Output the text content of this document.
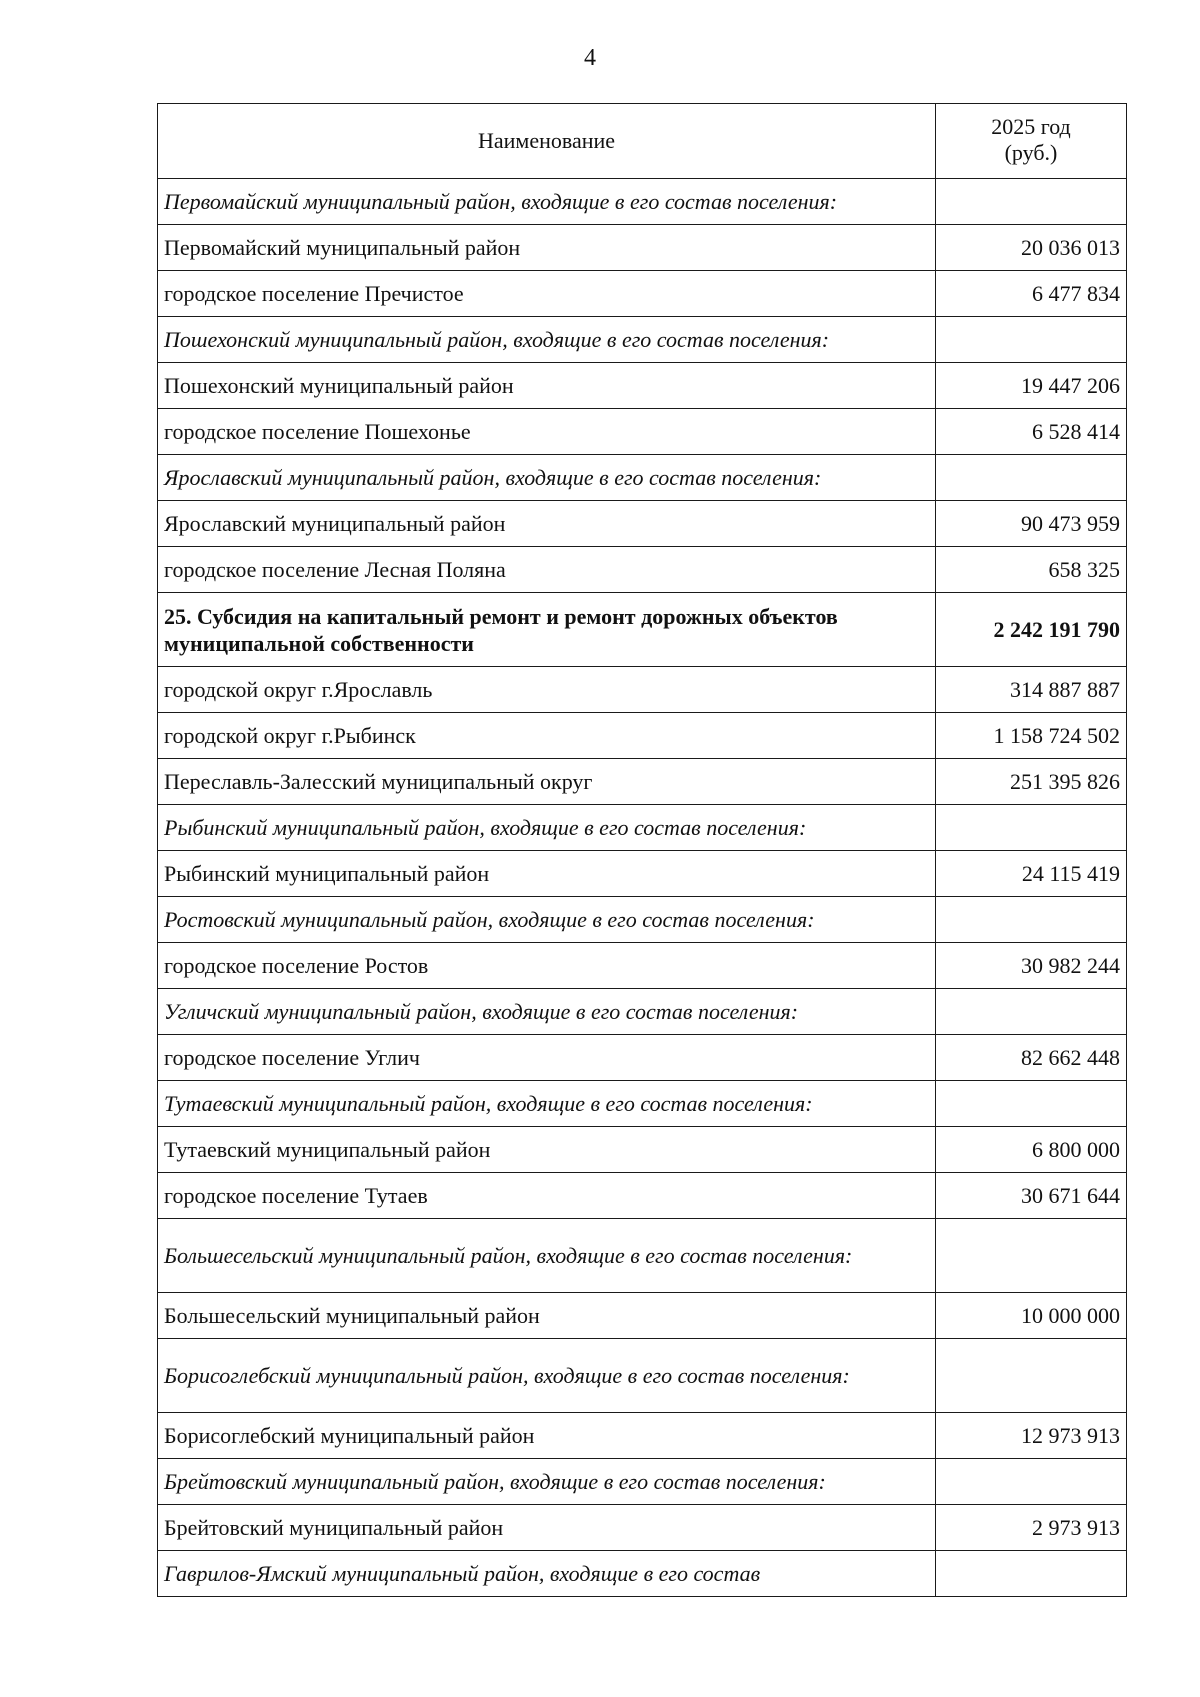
4
Наименование	2025 год
(руб.)

Первомайский муниципальный район, входящие в его состав поселения:	
Первомайский муниципальный район	20 036 013
городское поселение Пречистое	6 477 834
Пошехонский муниципальный район, входящие в его состав поселения:	
Пошехонский муниципальный район	19 447 206
городское поселение Пошехонье	6 528 414
Ярославский муниципальный район, входящие в его состав поселения:	
Ярославский муниципальный район	90 473 959
городское поселение Лесная Поляна	658 325
25. Субсидия на капитальный ремонт и ремонт дорожных объектов муниципальной собственности	2 242 191 790
городской округ г.Ярославль	314 887 887
городской округ г.Рыбинск	1 158 724 502
Переславль-Залесский муниципальный округ	251 395 826
Рыбинский муниципальный район, входящие в его состав поселения:	
Рыбинский муниципальный район	24 115 419
Ростовский муниципальный район, входящие в его состав поселения:	
городское поселение Ростов	30 982 244
Угличский муниципальный район, входящие в его состав поселения:	
городское поселение Углич	82 662 448
Тутаевский муниципальный район, входящие в его состав поселения:	
Тутаевский муниципальный район	6 800 000
городское поселение Тутаев	30 671 644
Большесельский муниципальный район, входящие в его состав поселения:	
Большесельский муниципальный район	10 000 000
Борисоглебский муниципальный район, входящие в его состав поселения:	
Борисоглебский муниципальный район	12 973 913
Брейтовский муниципальный район, входящие в его состав поселения:	
Брейтовский муниципальный район	2 973 913
Гаврилов-Ямский муниципальный район, входящие в его состав	
